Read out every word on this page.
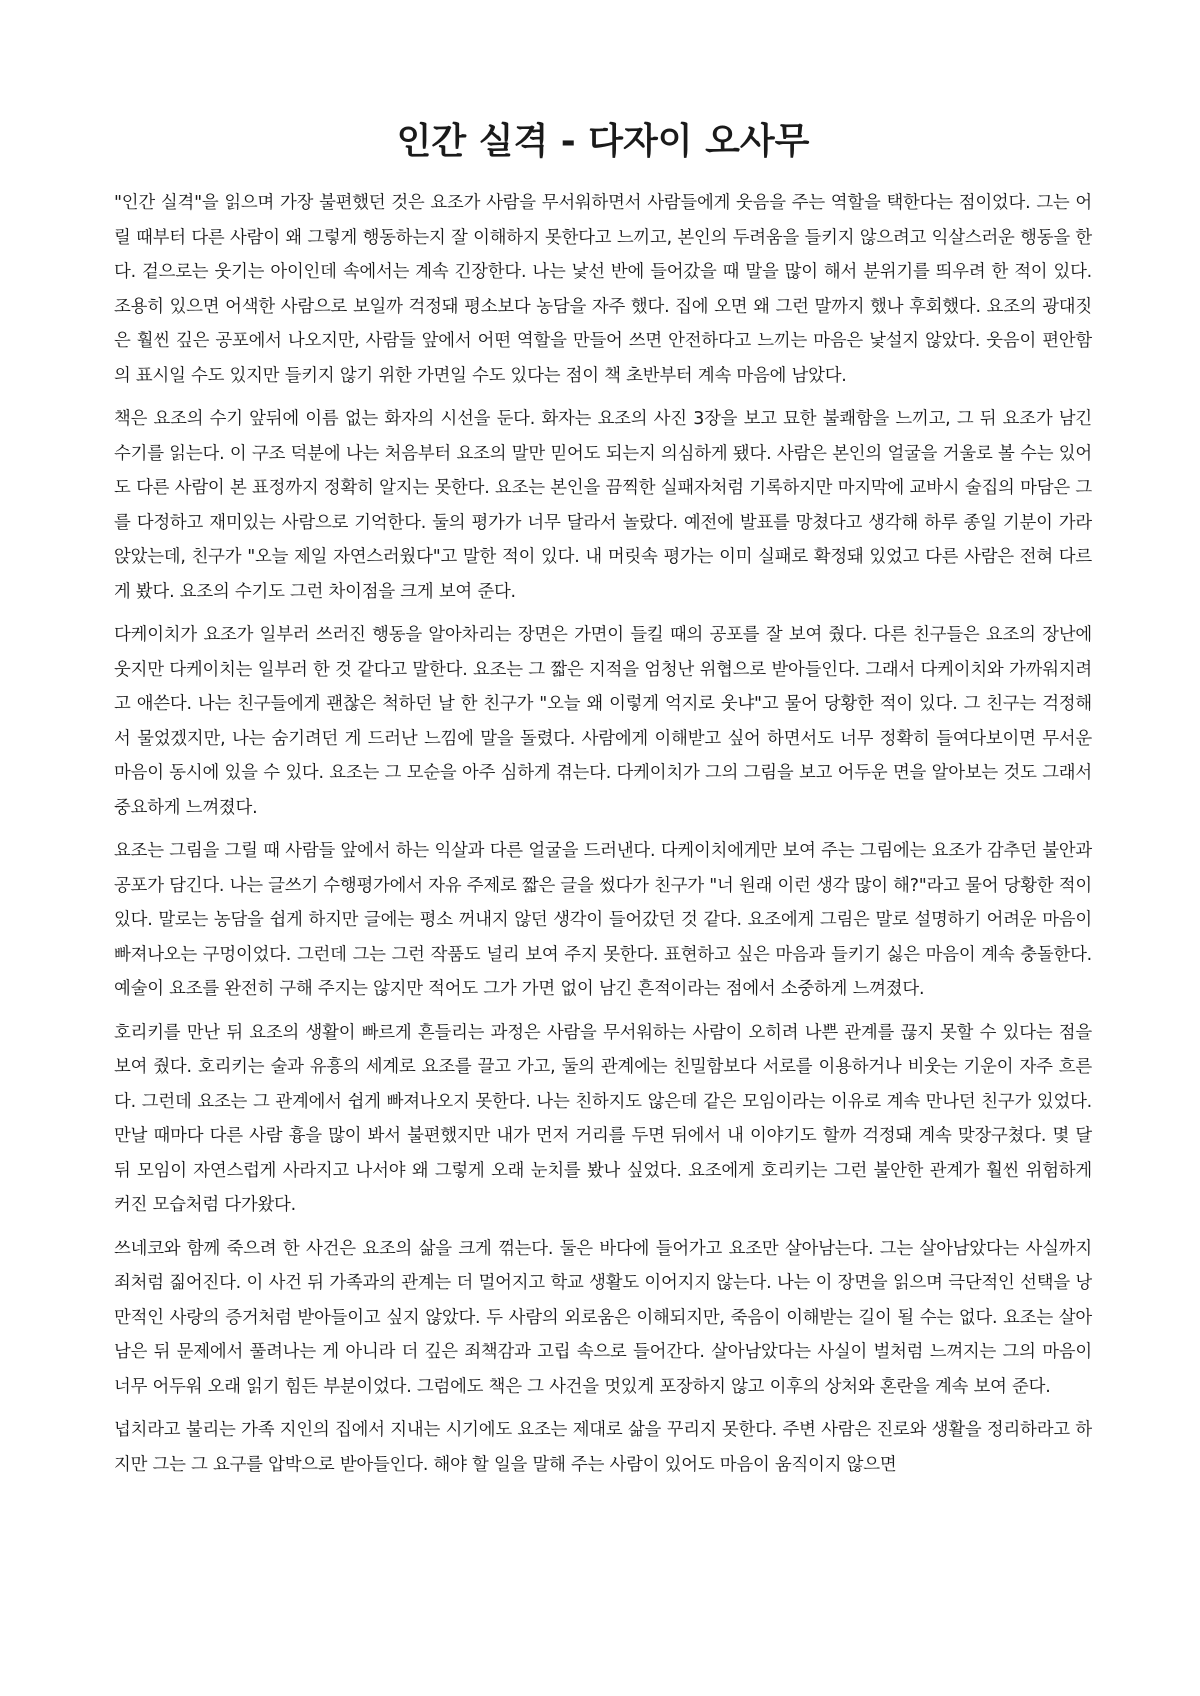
인간 실격 - 다자이 오사무

"인간 실격"을 읽으며 가장 불편했던 것은 요조가 사람을 무서워하면서 사람들에게 웃음을 주는 역할을 택한다는 점이었다. 그는 어릴 때부터 다른 사람이 왜 그렇게 행동하는지 잘 이해하지 못한다고 느끼고, 본인의 두려움을 들키지 않으려고 익살스러운 행동을 한다. 겉으로는 웃기는 아이인데 속에서는 계속 긴장한다. 나는 낯선 반에 들어갔을 때 말을 많이 해서 분위기를 띄우려 한 적이 있다. 조용히 있으면 어색한 사람으로 보일까 걱정돼 평소보다 농담을 자주 했다. 집에 오면 왜 그런 말까지 했나 후회했다. 요조의 광대짓은 훨씬 깊은 공포에서 나오지만, 사람들 앞에서 어떤 역할을 만들어 쓰면 안전하다고 느끼는 마음은 낯설지 않았다. 웃음이 편안함의 표시일 수도 있지만 들키지 않기 위한 가면일 수도 있다는 점이 책 초반부터 계속 마음에 남았다.

책은 요조의 수기 앞뒤에 이름 없는 화자의 시선을 둔다. 화자는 요조의 사진 3장을 보고 묘한 불쾌함을 느끼고, 그 뒤 요조가 남긴 수기를 읽는다. 이 구조 덕분에 나는 처음부터 요조의 말만 믿어도 되는지 의심하게 됐다. 사람은 본인의 얼굴을 거울로 볼 수는 있어도 다른 사람이 본 표정까지 정확히 알지는 못한다. 요조는 본인을 끔찍한 실패자처럼 기록하지만 마지막에 교바시 술집의 마담은 그를 다정하고 재미있는 사람으로 기억한다. 둘의 평가가 너무 달라서 놀랐다. 예전에 발표를 망쳤다고 생각해 하루 종일 기분이 가라앉았는데, 친구가 "오늘 제일 자연스러웠다"고 말한 적이 있다. 내 머릿속 평가는 이미 실패로 확정돼 있었고 다른 사람은 전혀 다르게 봤다. 요조의 수기도 그런 차이점을 크게 보여 준다.

다케이치가 요조가 일부러 쓰러진 행동을 알아차리는 장면은 가면이 들킬 때의 공포를 잘 보여 줬다. 다른 친구들은 요조의 장난에 웃지만 다케이치는 일부러 한 것 같다고 말한다. 요조는 그 짧은 지적을 엄청난 위협으로 받아들인다. 그래서 다케이치와 가까워지려고 애쓴다. 나는 친구들에게 괜찮은 척하던 날 한 친구가 "오늘 왜 이렇게 억지로 웃냐"고 물어 당황한 적이 있다. 그 친구는 걱정해서 물었겠지만, 나는 숨기려던 게 드러난 느낌에 말을 돌렸다. 사람에게 이해받고 싶어 하면서도 너무 정확히 들여다보이면 무서운 마음이 동시에 있을 수 있다. 요조는 그 모순을 아주 심하게 겪는다. 다케이치가 그의 그림을 보고 어두운 면을 알아보는 것도 그래서 중요하게 느껴졌다.

요조는 그림을 그릴 때 사람들 앞에서 하는 익살과 다른 얼굴을 드러낸다. 다케이치에게만 보여 주는 그림에는 요조가 감추던 불안과 공포가 담긴다. 나는 글쓰기 수행평가에서 자유 주제로 짧은 글을 썼다가 친구가 "너 원래 이런 생각 많이 해?"라고 물어 당황한 적이 있다. 말로는 농담을 쉽게 하지만 글에는 평소 꺼내지 않던 생각이 들어갔던 것 같다. 요조에게 그림은 말로 설명하기 어려운 마음이 빠져나오는 구멍이었다. 그런데 그는 그런 작품도 널리 보여 주지 못한다. 표현하고 싶은 마음과 들키기 싫은 마음이 계속 충돌한다. 예술이 요조를 완전히 구해 주지는 않지만 적어도 그가 가면 없이 남긴 흔적이라는 점에서 소중하게 느껴졌다.

호리키를 만난 뒤 요조의 생활이 빠르게 흔들리는 과정은 사람을 무서워하는 사람이 오히려 나쁜 관계를 끊지 못할 수 있다는 점을 보여 줬다. 호리키는 술과 유흥의 세계로 요조를 끌고 가고, 둘의 관계에는 친밀함보다 서로를 이용하거나 비웃는 기운이 자주 흐른다. 그런데 요조는 그 관계에서 쉽게 빠져나오지 못한다. 나는 친하지도 않은데 같은 모임이라는 이유로 계속 만나던 친구가 있었다. 만날 때마다 다른 사람 흉을 많이 봐서 불편했지만 내가 먼저 거리를 두면 뒤에서 내 이야기도 할까 걱정돼 계속 맞장구쳤다. 몇 달 뒤 모임이 자연스럽게 사라지고 나서야 왜 그렇게 오래 눈치를 봤나 싶었다. 요조에게 호리키는 그런 불안한 관계가 훨씬 위험하게 커진 모습처럼 다가왔다.

쓰네코와 함께 죽으려 한 사건은 요조의 삶을 크게 꺾는다. 둘은 바다에 들어가고 요조만 살아남는다. 그는 살아남았다는 사실까지 죄처럼 짊어진다. 이 사건 뒤 가족과의 관계는 더 멀어지고 학교 생활도 이어지지 않는다. 나는 이 장면을 읽으며 극단적인 선택을 낭만적인 사랑의 증거처럼 받아들이고 싶지 않았다. 두 사람의 외로움은 이해되지만, 죽음이 이해받는 길이 될 수는 없다. 요조는 살아남은 뒤 문제에서 풀려나는 게 아니라 더 깊은 죄책감과 고립 속으로 들어간다. 살아남았다는 사실이 벌처럼 느껴지는 그의 마음이 너무 어두워 오래 읽기 힘든 부분이었다. 그럼에도 책은 그 사건을 멋있게 포장하지 않고 이후의 상처와 혼란을 계속 보여 준다.

넙치라고 불리는 가족 지인의 집에서 지내는 시기에도 요조는 제대로 삶을 꾸리지 못한다. 주변 사람은 진로와 생활을 정리하라고 하지만 그는 그 요구를 압박으로 받아들인다. 해야 할 일을 말해 주는 사람이 있어도 마음이 움직이지 않으면
